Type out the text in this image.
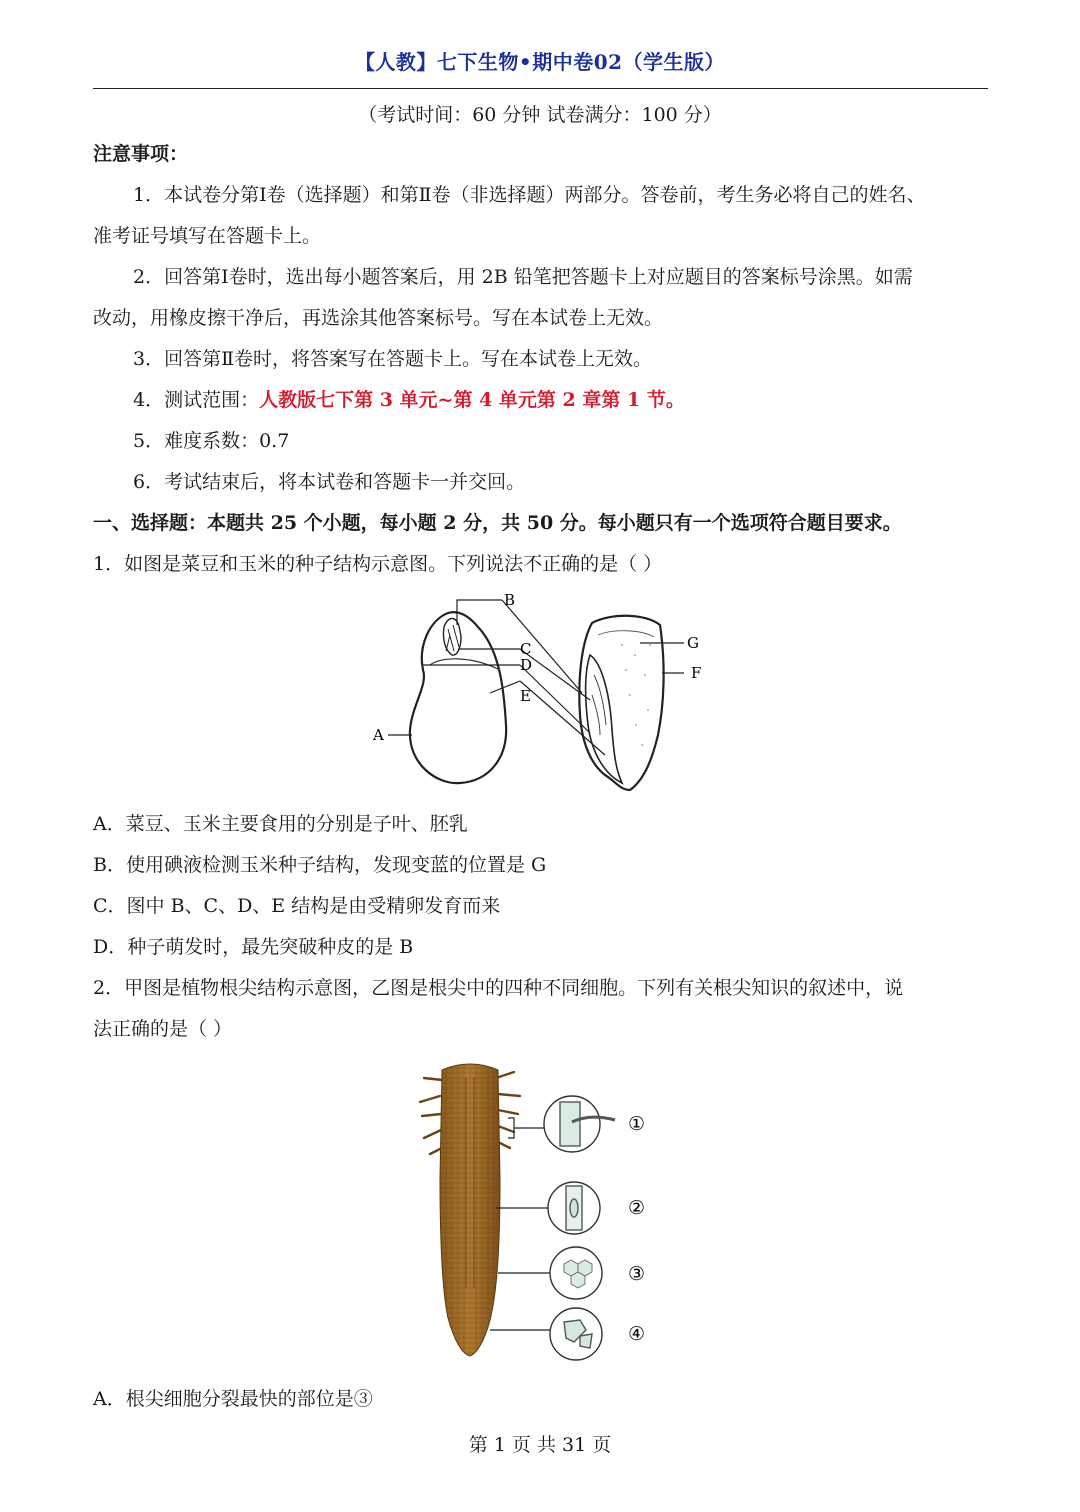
【人教】七下生物•期中卷02（学生版）
（考试时间：60 分钟 试卷满分：100 分）
注意事项：
1．本试卷分第Ⅰ卷（选择题）和第Ⅱ卷（非选择题）两部分。答卷前，考生务必将自己的姓名、
准考证号填写在答题卡上。
2．回答第Ⅰ卷时，选出每小题答案后，用 2B 铅笔把答题卡上对应题目的答案标号涂黑。如需
改动，用橡皮擦干净后，再选涂其他答案标号。写在本试卷上无效。
3．回答第Ⅱ卷时，将答案写在答题卡上。写在本试卷上无效。
4．测试范围：人教版七下第 3 单元~第 4 单元第 2 章第 1 节。
5．难度系数：0.7
6．考试结束后，将本试卷和答题卡一并交回。
一、选择题：本题共 25 个小题，每小题 2 分，共 50 分。每小题只有一个选项符合题目要求。
1．如图是菜豆和玉米的种子结构示意图。下列说法不正确的是（ ）
B
C
D
E
G
F
A
A．菜豆、玉米主要食用的分别是子叶、胚乳
B．使用碘液检测玉米种子结构，发现变蓝的位置是 G
C．图中 B、C、D、E 结构是由受精卵发育而来
D．种子萌发时，最先突破种皮的是 B
2．甲图是植物根尖结构示意图，乙图是根尖中的四种不同细胞。下列有关根尖知识的叙述中，说
法正确的是（ ）
①
②
③
④
A．根尖细胞分裂最快的部位是③
第 1 页 共 31 页
